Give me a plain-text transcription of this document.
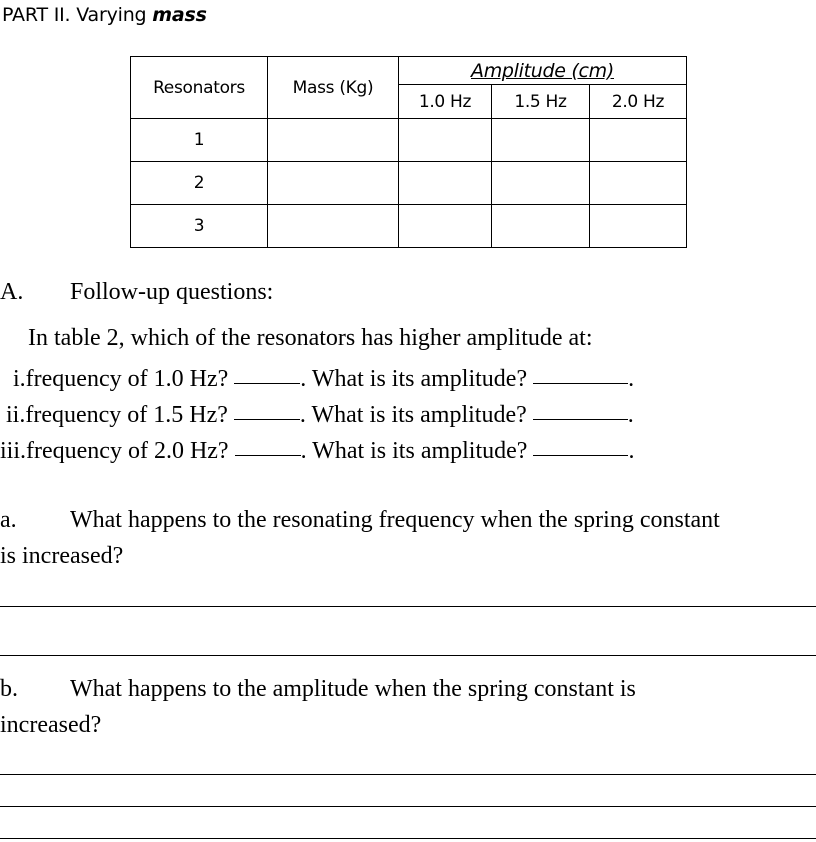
PART II. Varying mass
Resonators	Mass (Kg)	Amplitude (cm)		
		1.0 Hz	1.5 Hz	2.0 Hz
1				
2				
3				
A. Follow-up questions:
In table 2, which of the resonators has higher amplitude at:
i.frequency of 1.0 Hz?	. What is its amplitude?	.
ii.frequency of 1.5 Hz?	. What is its amplitude?	.
iii.frequency of 2.0 Hz?	. What is its amplitude?	.
a. What happens to the resonating frequency when the spring constant
is increased?
b. What happens to the amplitude when the spring constant is
increased?
